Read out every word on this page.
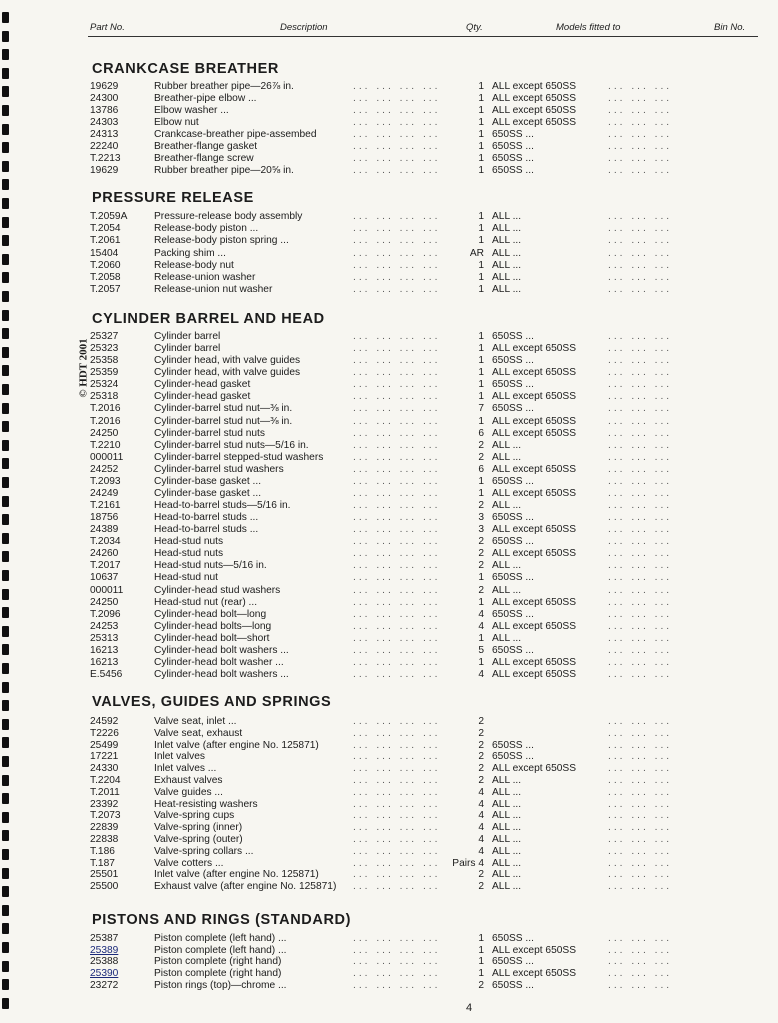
Part No.	Description	Qty.	Models fitted to	Bin No.
© HDT 2001
CRANKCASE BREATHER
19629	Rubber breather pipe—26⅞ in.	1 ALL except 650SS
... ... ... ...	... ... ...
24300	Breather-pipe elbow ...	1 ALL except 650SS
... ... ... ...	... ... ...
13786	Elbow washer ...	1 ALL except 650SS
... ... ... ...	... ... ...
24303	Elbow nut	1 ALL except 650SS
... ... ... ...	... ... ...
24313	Crankcase-breather pipe-assembed	1 650SS ...
... ... ... ...	... ... ...
22240	Breather-flange gasket	1 650SS ...
... ... ... ...	... ... ...
T.2213	Breather-flange screw	1 650SS ...
... ... ... ...	... ... ...
19629	Rubber breather pipe—20⅝ in.	1 650SS ...
... ... ... ...	... ... ...
PRESSURE RELEASE
T.2059A	Pressure-release body assembly	1 ALL ...
... ... ... ...	... ... ...
T.2054	Release-body piston ...	1 ALL ...
... ... ... ...	... ... ...
T.2061	Release-body piston spring ...	1 ALL ...
... ... ... ...	... ... ...
15404	Packing shim ...	AR ALL ...
... ... ... ...	... ... ...
T.2060	Release-body nut	1 ALL ...
... ... ... ...	... ... ...
T.2058	Release-union washer	1 ALL ...
... ... ... ...	... ... ...
T.2057	Release-union nut washer	1 ALL ...
... ... ... ...	... ... ...
CYLINDER BARREL AND HEAD
25327	Cylinder barrel	1 650SS ...
... ... ... ...	... ... ...
25323	Cylinder barrel	1 ALL except 650SS
... ... ... ...	... ... ...
25358	Cylinder head, with valve guides	1 650SS ...
... ... ... ...	... ... ...
25359	Cylinder head, with valve guides	1 ALL except 650SS
... ... ... ...	... ... ...
25324	Cylinder-head gasket	1 650SS ...
... ... ... ...	... ... ...
25318	Cylinder-head gasket	1 ALL except 650SS
... ... ... ...	... ... ...
T.2016	Cylinder-barrel stud nut—⅜ in.	7 650SS ...
... ... ... ...	... ... ...
T.2016	Cylinder-barrel stud nut—⅜ in.	1 ALL except 650SS
... ... ... ...	... ... ...
24250	Cylinder-barrel stud nuts	6 ALL except 650SS
... ... ... ...	... ... ...
T.2210	Cylinder-barrel stud nuts—5/16 in.	2 ALL ...
... ... ... ...	... ... ...
000011	Cylinder-barrel stepped-stud washers	2 ALL ...
... ... ... ...	... ... ...
24252	Cylinder-barrel stud washers	6 ALL except 650SS
... ... ... ...	... ... ...
T.2093	Cylinder-base gasket ...	1 650SS ...
... ... ... ...	... ... ...
24249	Cylinder-base gasket ...	1 ALL except 650SS
... ... ... ...	... ... ...
T.2161	Head-to-barrel studs—5/16 in.	2 ALL ...
... ... ... ...	... ... ...
18756	Head-to-barrel studs ...	3 650SS ...
... ... ... ...	... ... ...
24389	Head-to-barrel studs ...	3 ALL except 650SS
... ... ... ...	... ... ...
T.2034	Head-stud nuts	2 650SS ...
... ... ... ...	... ... ...
24260	Head-stud nuts	2 ALL except 650SS
... ... ... ...	... ... ...
T.2017	Head-stud nuts—5/16 in.	2 ALL ...
... ... ... ...	... ... ...
10637	Head-stud nut	1 650SS ...
... ... ... ...	... ... ...
000011	Cylinder-head stud washers	2 ALL ...
... ... ... ...	... ... ...
24250	Head-stud nut (rear) ...	1 ALL except 650SS
... ... ... ...	... ... ...
T.2096	Cylinder-head bolt—long	4 650SS ...
... ... ... ...	... ... ...
24253	Cylinder-head bolts—long	4 ALL except 650SS
... ... ... ...	... ... ...
25313	Cylinder-head bolt—short	1 ALL ...
... ... ... ...	... ... ...
16213	Cylinder-head bolt washers ...	5 650SS ...
... ... ... ...	... ... ...
16213	Cylinder-head bolt washer ...	1 ALL except 650SS
... ... ... ...	... ... ...
E.5456	Cylinder-head bolt washers ...	4 ALL except 650SS
... ... ... ...	... ... ...
VALVES, GUIDES AND SPRINGS
24592	Valve seat, inlet ...	2
... ... ... ...	... ... ...
T2226	Valve seat, exhaust	2
... ... ... ...	... ... ...
25499	Inlet valve (after engine No. 125871)	2 650SS ...
... ... ... ...	... ... ...
17221	Inlet valves	2 650SS ...
... ... ... ...	... ... ...
24330	Inlet valves ...	2 ALL except 650SS
... ... ... ...	... ... ...
T.2204	Exhaust valves	2 ALL ...
... ... ... ...	... ... ...
T.2011	Valve guides ...	4 ALL ...
... ... ... ...	... ... ...
23392	Heat-resisting washers	4 ALL ...
... ... ... ...	... ... ...
T.2073	Valve-spring cups	4 ALL ...
... ... ... ...	... ... ...
22839	Valve-spring (inner)	4 ALL ...
... ... ... ...	... ... ...
22838	Valve-spring (outer)	4 ALL ...
... ... ... ...	... ... ...
T.186	Valve-spring collars ...	4 ALL ...
... ... ... ...	... ... ...
T.187	Valve cotters ...	Pairs 4 ALL ...
... ... ... ...	... ... ...
25501	Inlet valve (after engine No. 125871)	2 ALL ...
... ... ... ...	... ... ...
25500	Exhaust valve (after engine No. 125871)	2 ALL ...
... ... ... ...	... ... ...
PISTONS AND RINGS (STANDARD)
25387	Piston complete (left hand) ...	1 650SS ...
... ... ... ...	... ... ...
25389	Piston complete (left hand) ...	1 ALL except 650SS
... ... ... ...	... ... ...
25388	Piston complete (right hand)	1 650SS ...
... ... ... ...	... ... ...
25390	Piston complete (right hand)	1 ALL except 650SS
... ... ... ...	... ... ...
23272	Piston rings (top)—chrome ...	2 650SS ...
... ... ... ...	... ... ...
4
